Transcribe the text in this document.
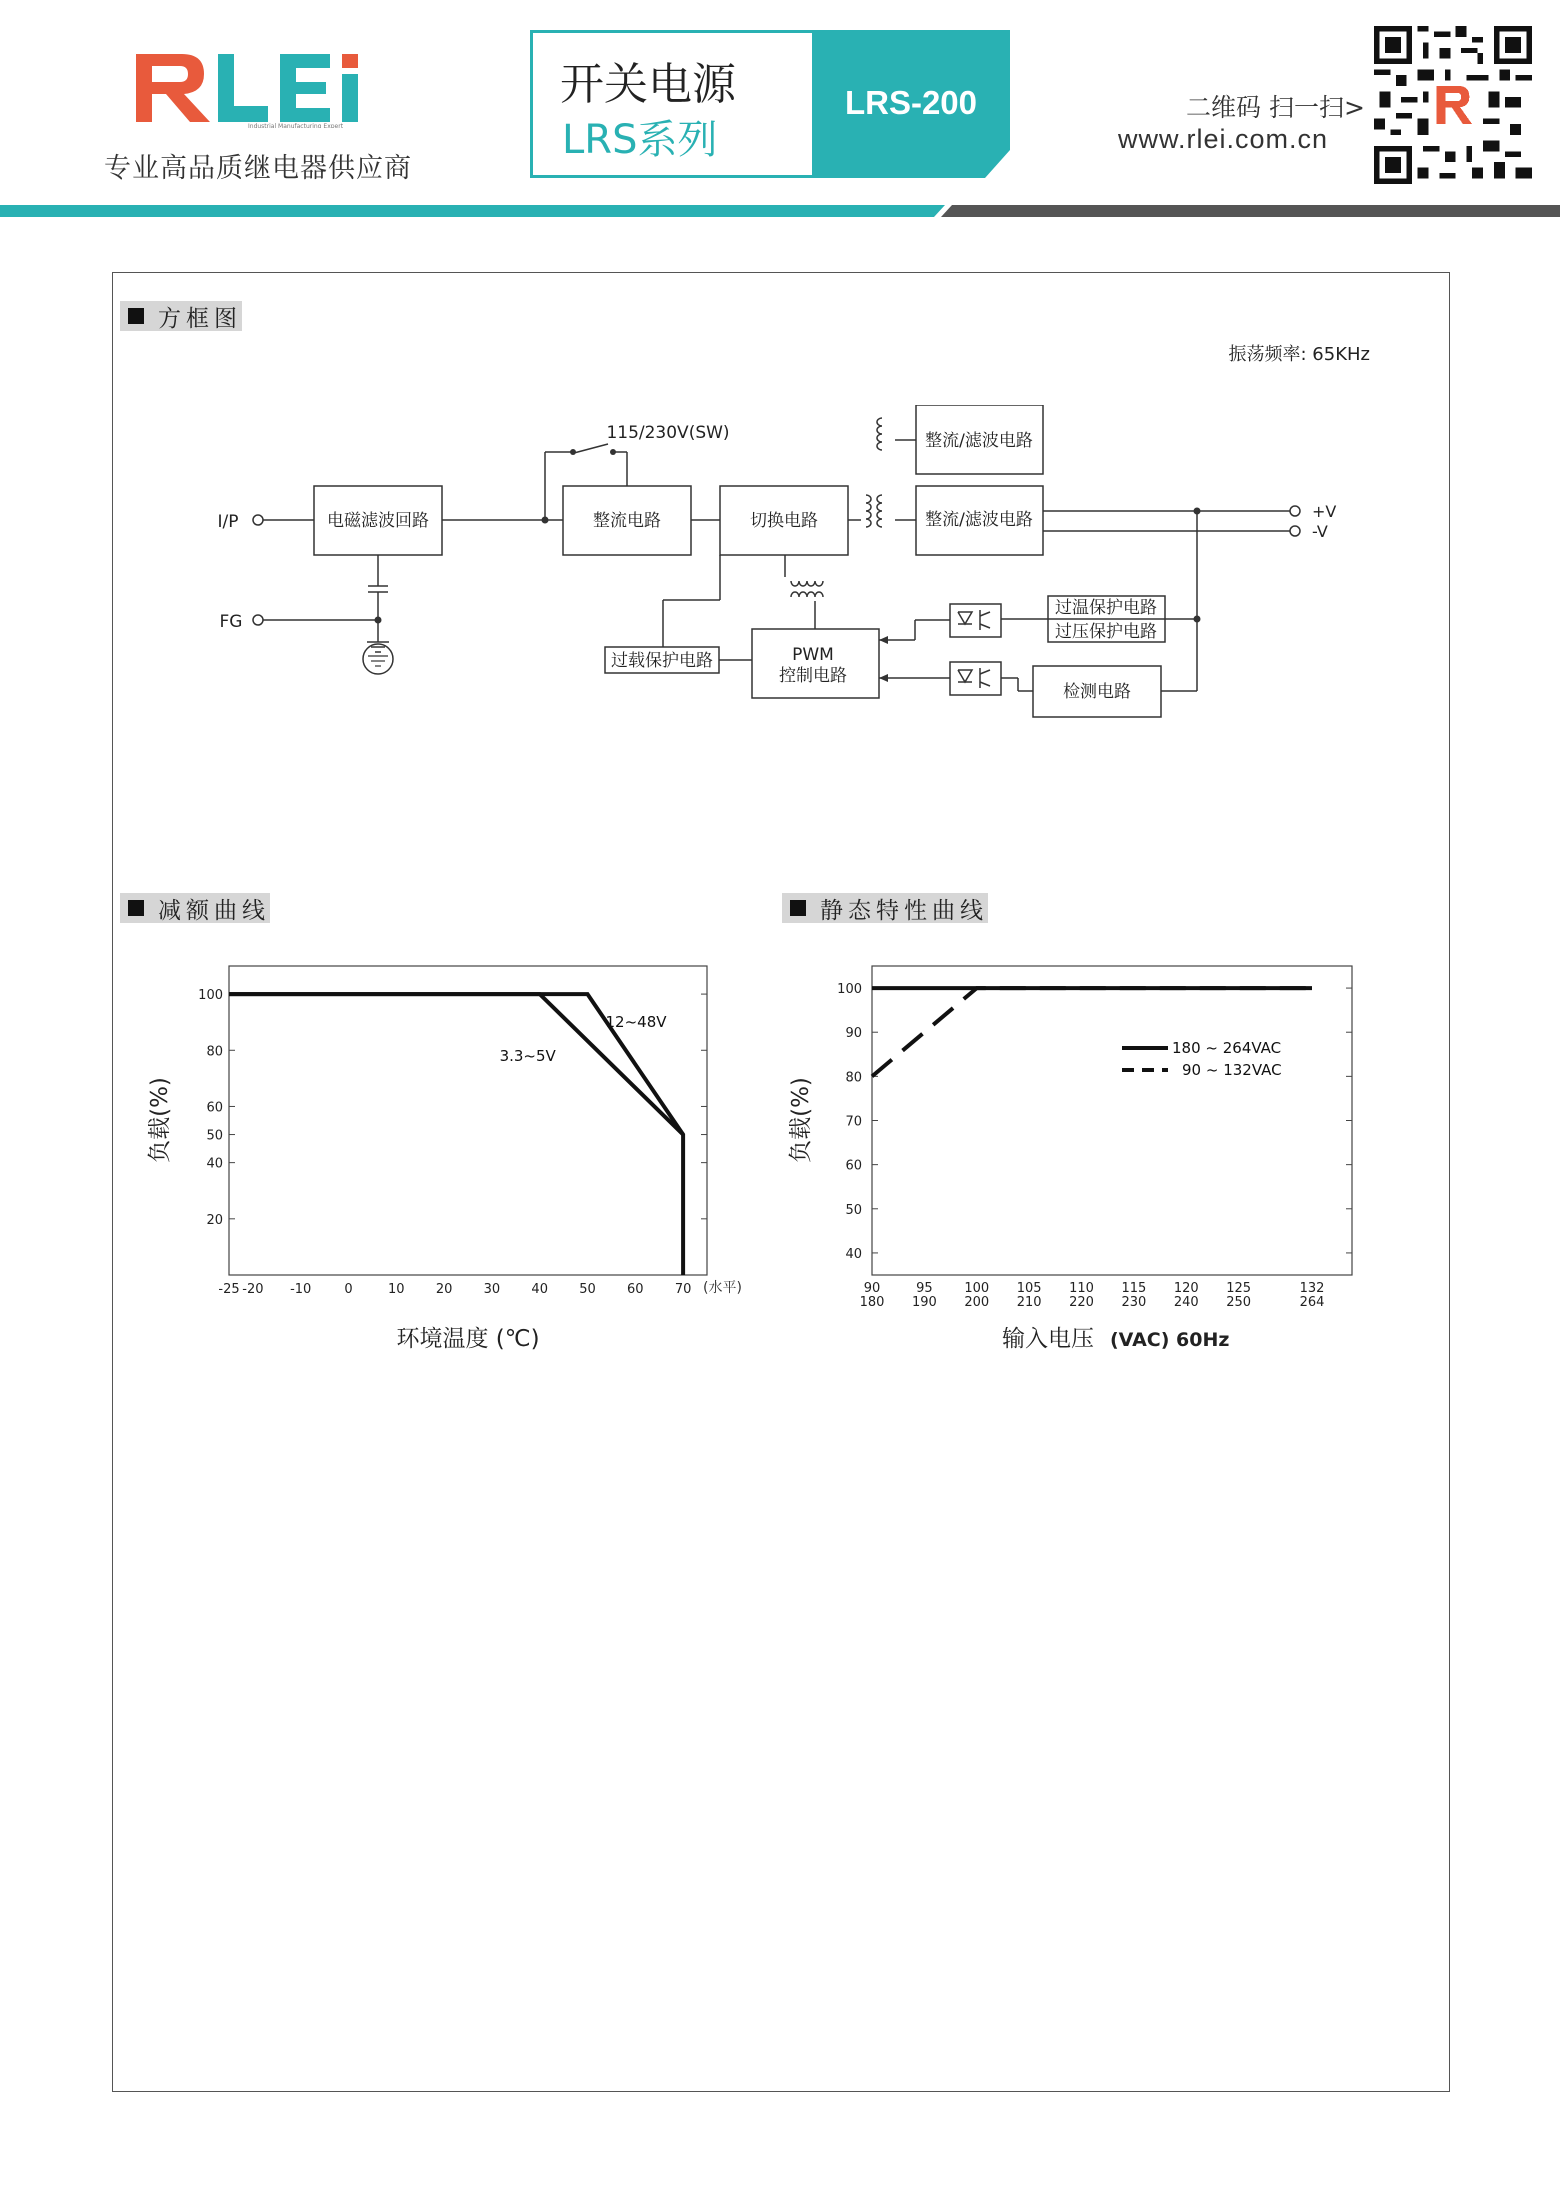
Industrial Manufacturing Expert
专业高品质继电器供应商
开关电源
LRS系列
LRS-200	二维码 扫一扫>
www.rlei.com.cn
方框图
振荡频率: 65KHz
I/P
FG
115/230V(SW)
电磁滤波回路	整流电路	切换电路
整流/滤波电路
整流/滤波电路
PWM
控制电路
过载保护电路
过温保护电路
过压保护电路
检测电路
+V
-V
减额曲线	静态特性曲线
-25 -20 -10	0	10 20 30 40 50 60 70
20
40
50
60
80
100
12~48V
3.3~5V
(水平)
环境温度 (℃)
负载(%)
90
180
95
190
100
200
105
210
110
220
115
230
120
240
125
250
132
264
40
50
60
70
80
90
100
180 ~ 264VAC
90 ~ 132VAC
负载(%)
输入电压 (VAC) 60Hz
